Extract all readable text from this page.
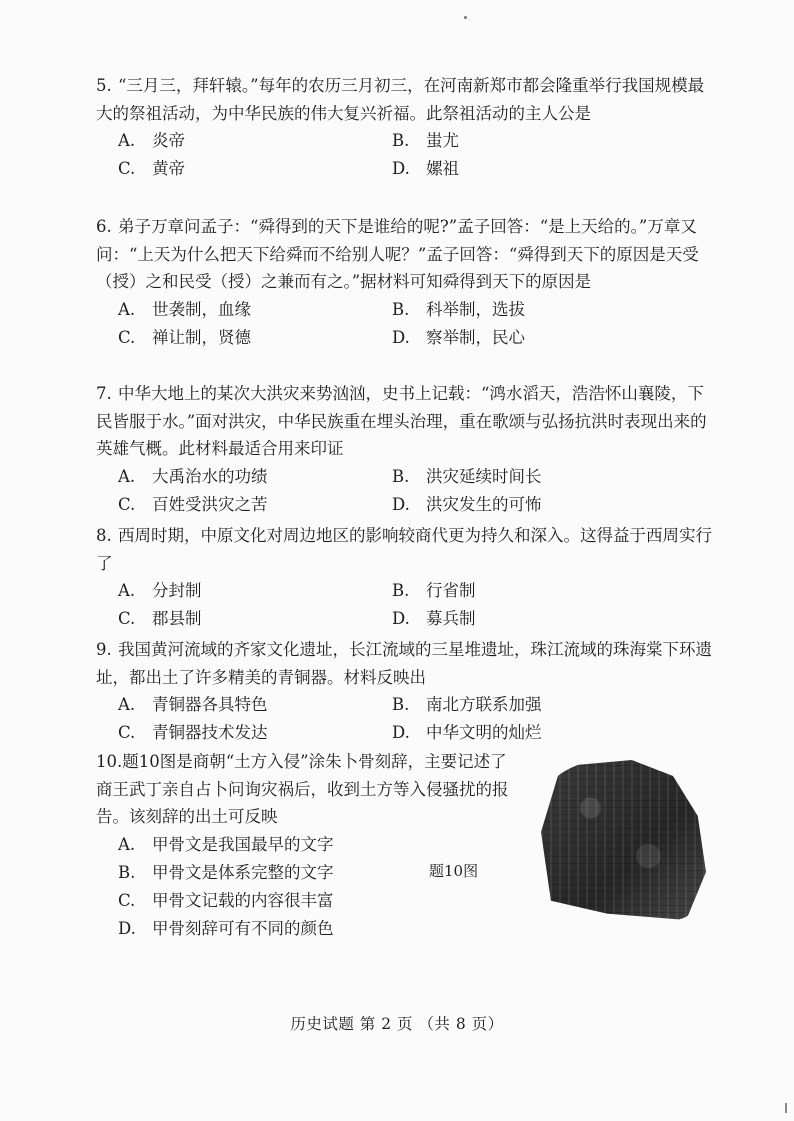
5. “三月三，拜轩辕。”每年的农历三月初三，在河南新郑市都会隆重举行我国规模最大的祭祖活动，为中华民族的伟大复兴祈福。此祭祖活动的主人公是

A. 炎帝	B. 蚩尤
C. 黄帝	D. 嫘祖

6. 弟子万章问孟子：“舜得到的天下是谁给的呢?”孟子回答：“是上天给的。”万章又问：“上天为什么把天下给舜而不给别人呢？”孟子回答：“舜得到天下的原因是天受（授）之和民受（授）之兼而有之。”据材料可知舜得到天下的原因是

A. 世袭制，血缘	B. 科举制，选拔
C. 禅让制，贤德	D. 察举制，民心

7. 中华大地上的某次大洪灾来势汹汹，史书上记载：“鸿水滔天，浩浩怀山襄陵，下民皆服于水。”面对洪灾，中华民族重在埋头治理，重在歌颂与弘扬抗洪时表现出来的英雄气概。此材料最适合用来印证

A. 大禹治水的功绩	B. 洪灾延续时间长
C. 百姓受洪灾之苦	D. 洪灾发生的可怖

8. 西周时期，中原文化对周边地区的影响较商代更为持久和深入。这得益于西周实行了

A. 分封制	B. 行省制
C. 郡县制	D. 募兵制

9. 我国黄河流域的齐家文化遗址，长江流域的三星堆遗址，珠江流域的珠海棠下环遗址，都出土了许多精美的青铜器。材料反映出

A. 青铜器各具特色	B. 南北方联系加强
C. 青铜器技术发达	D. 中华文明的灿烂

10.题10图是商朝“土方入侵”涂朱卜骨刻辞，主要记述了商王武丁亲自占卜问询灾祸后，收到土方等入侵骚扰的报告。该刻辞的出土可反映

A. 甲骨文是我国最早的文字
B. 甲骨文是体系完整的文字
C. 甲骨文记载的内容很丰富
D. 甲骨刻辞可有不同的颜色
题10图
历史试题 第 2 页 （共 8 页）
